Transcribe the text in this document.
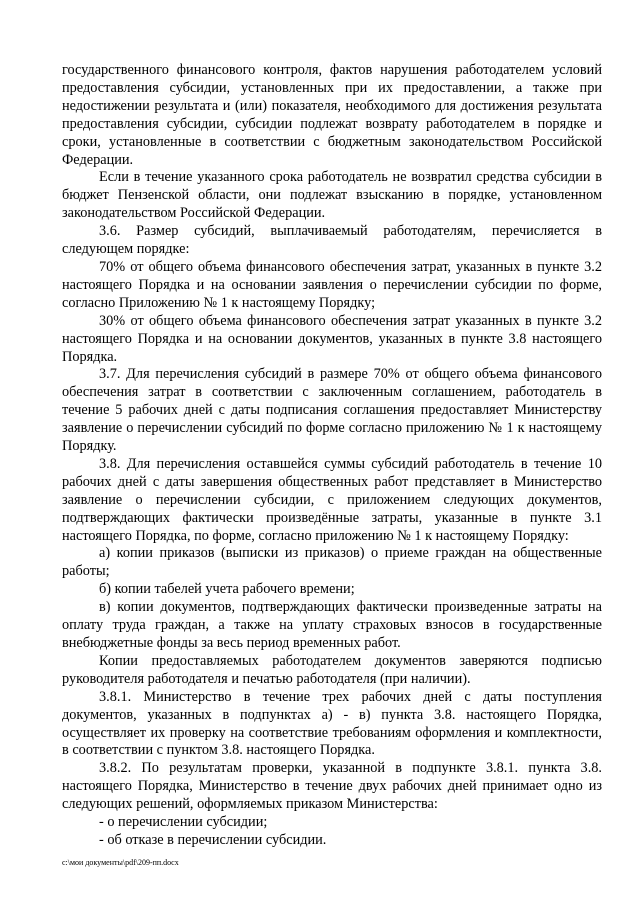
государственного финансового контроля, фактов нарушения работодателем условий предоставления субсидии, установленных при их предоставлении, а также при недостижении результата и (или) показателя, необходимого для достижения результата предоставления субсидии, субсидии подлежат возврату работодателем в порядке и сроки, установленные в соответствии с бюджетным законодательством Российской Федерации.

Если в течение указанного срока работодатель не возвратил средства субсидии в бюджет Пензенской области, они подлежат взысканию в порядке, установленном законодательством Российской Федерации.

3.6. Размер субсидий, выплачиваемый работодателям, перечисляется в следующем порядке:

70% от общего объема финансового обеспечения затрат, указанных в пункте 3.2 настоящего Порядка и на основании заявления о перечислении субсидии по форме, согласно Приложению № 1 к настоящему Порядку;

30% от общего объема финансового обеспечения затрат указанных в пункте 3.2 настоящего Порядка и на основании документов, указанных в пункте 3.8 настоящего Порядка.

3.7. Для перечисления субсидий в размере 70% от общего объема финансового обеспечения затрат в соответствии с заключенным соглашением, работодатель в течение 5 рабочих дней с даты подписания соглашения предоставляет Министерству заявление о перечислении субсидий по форме согласно приложению № 1 к настоящему Порядку.

3.8. Для перечисления оставшейся суммы субсидий работодатель в течение 10 рабочих дней с даты завершения общественных работ представляет в Министерство заявление о перечислении субсидии, с приложением следующих документов, подтверждающих фактически произведённые затраты, указанные в пункте 3.1 настоящего Порядка, по форме, согласно приложению № 1 к настоящему Порядку:

а) копии приказов (выписки из приказов) о приеме граждан на общественные работы;

б) копии табелей учета рабочего времени;

в) копии документов, подтверждающих фактически произведенные затраты на оплату труда граждан, а также на уплату страховых взносов в государственные внебюджетные фонды за весь период временных работ.

Копии предоставляемых работодателем документов заверяются подписью руководителя работодателя и печатью работодателя (при наличии).

3.8.1. Министерство в течение трех рабочих дней с даты поступления документов, указанных в подпунктах а) - в) пункта 3.8. настоящего Порядка, осуществляет их проверку на соответствие требованиям оформления и комплектности, в соответствии с пунктом 3.8. настоящего Порядка.

3.8.2. По результатам проверки, указанной в подпункте 3.8.1. пункта 3.8. настоящего Порядка, Министерство в течение двух рабочих дней принимает одно из следующих решений, оформляемых приказом Министерства:

- о перечислении субсидии;

- об отказе в перечислении субсидии.

c:\мои документы\pdf\209-пп.docx
